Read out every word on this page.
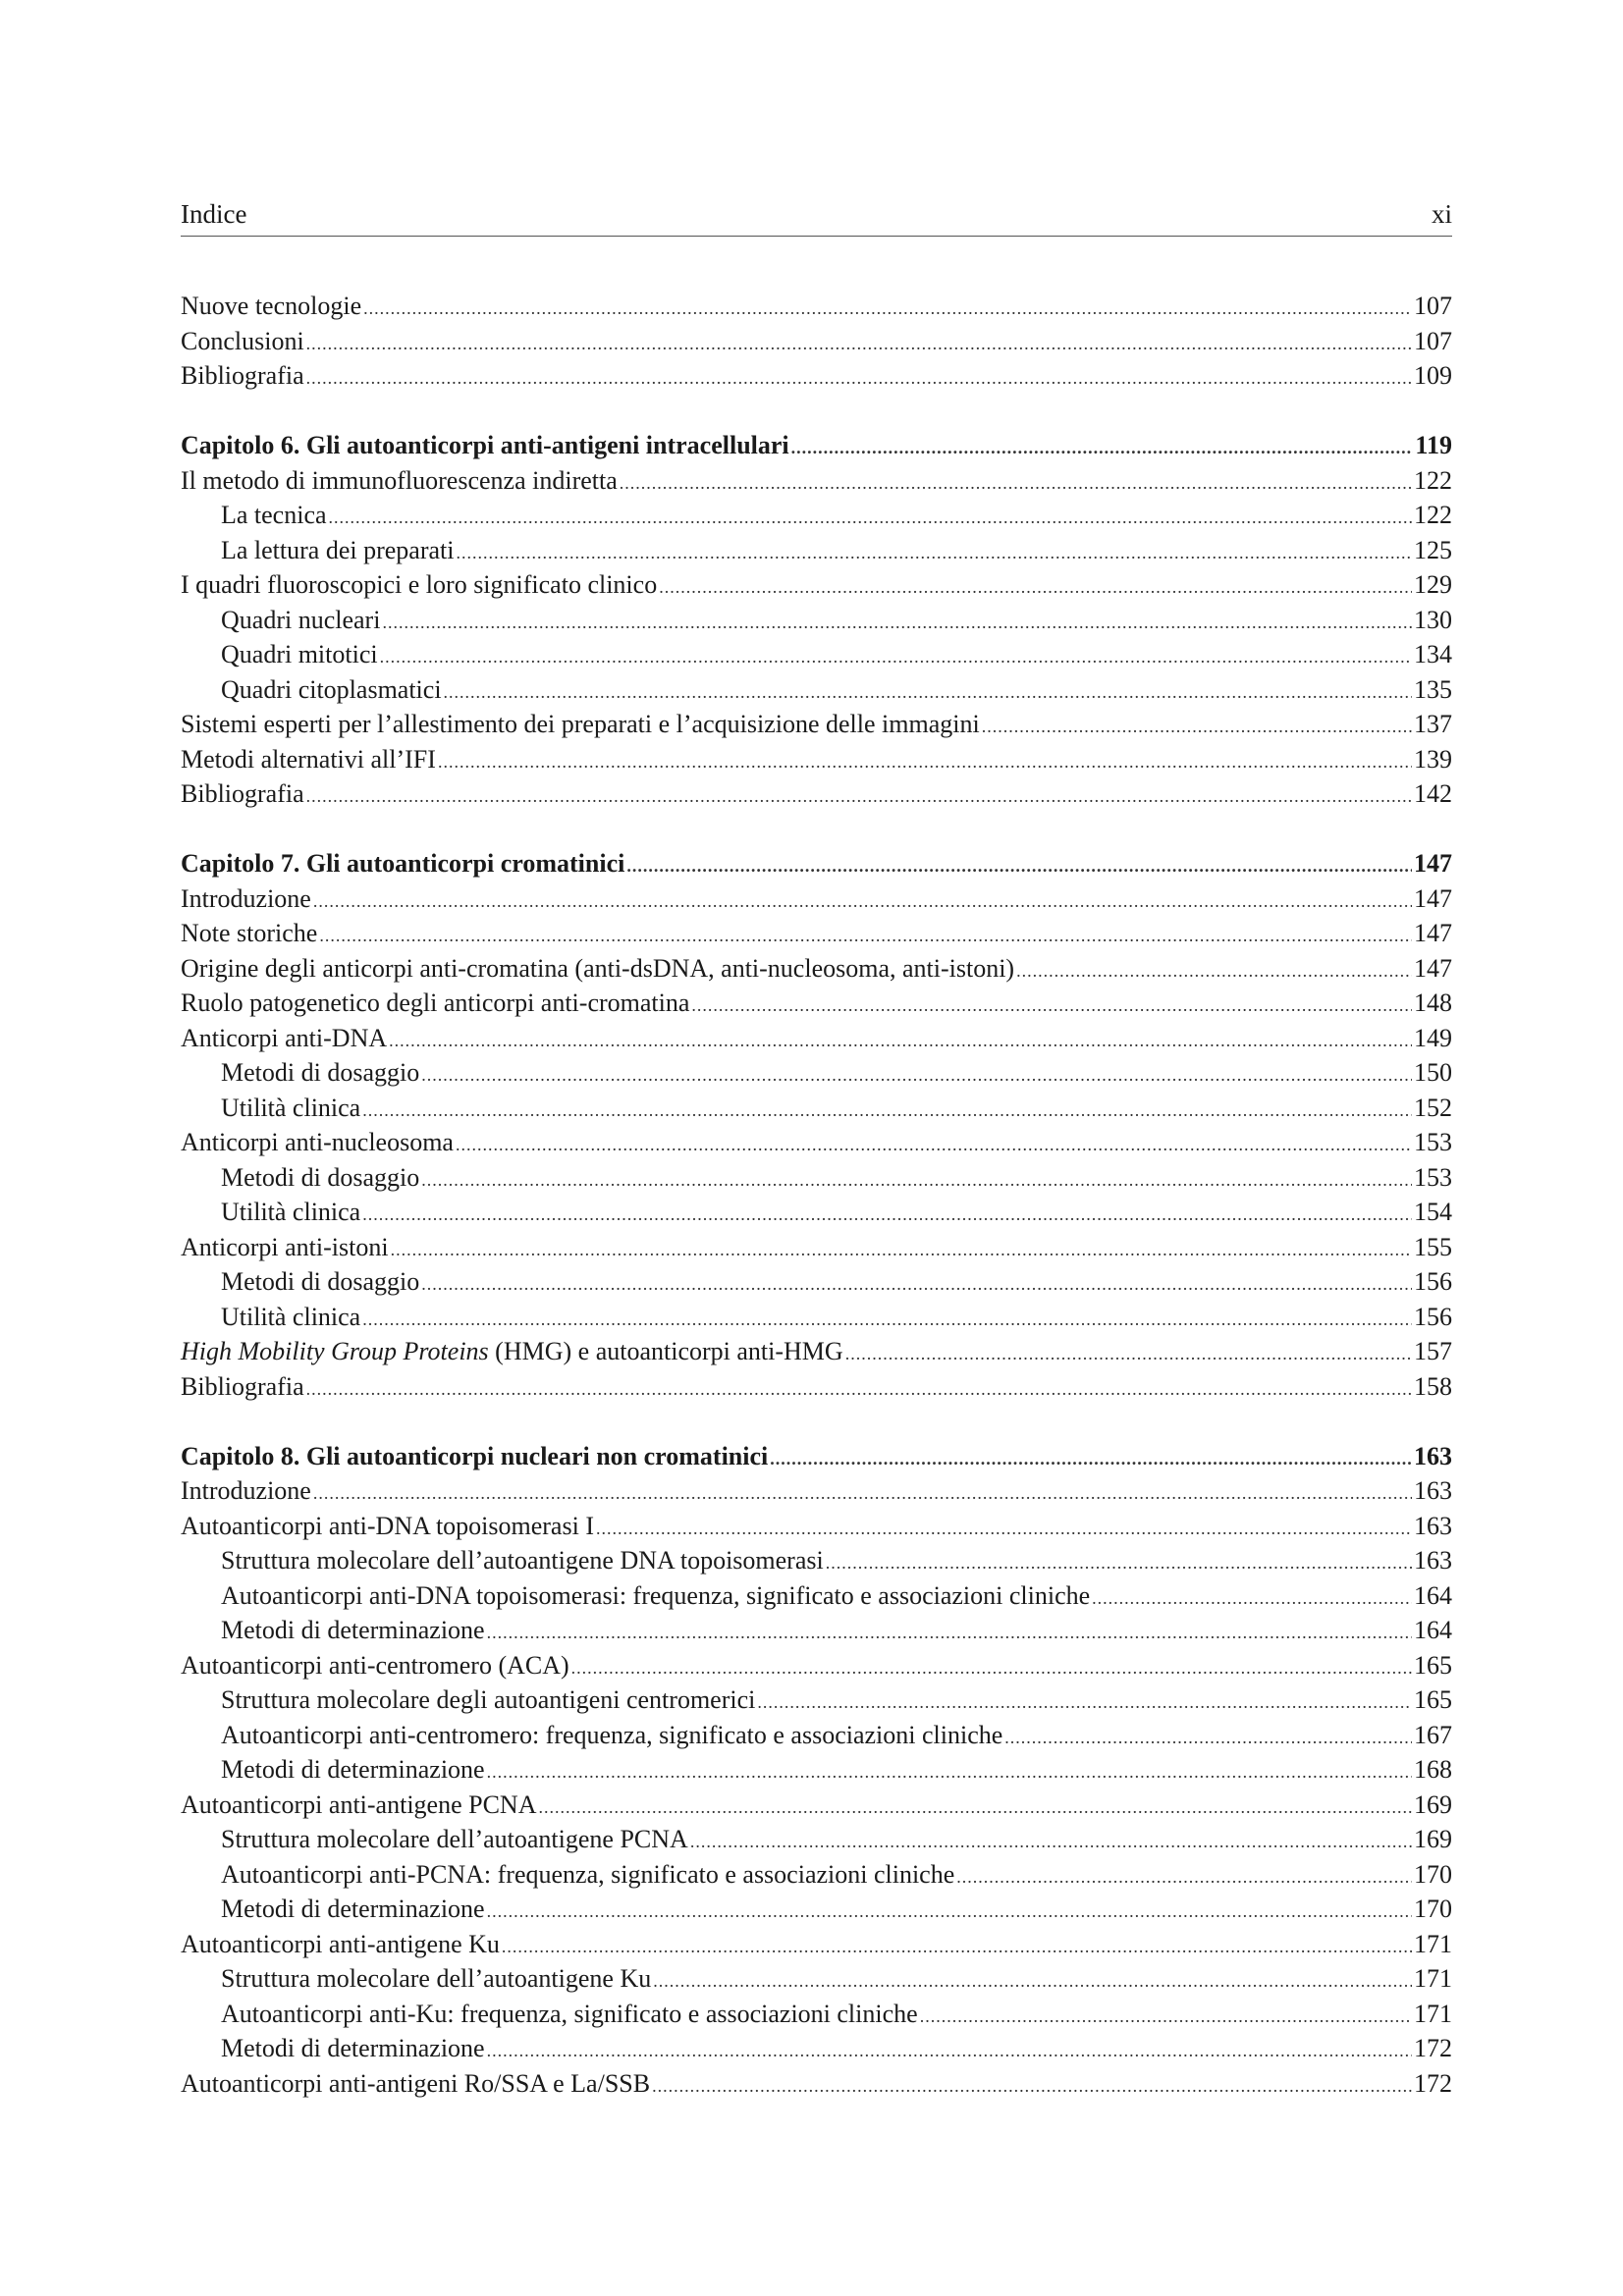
Indice	xi
Nuove tecnologie .....	107
Conclusioni .....	107
Bibliografia .....	109
Capitolo 6. Gli autoanticorpi anti-antigeni intracellulari .....	119
Il metodo di immunofluorescenza indiretta .....	122
La tecnica .....	122
La lettura dei preparati .....	125
I quadri fluoroscopici e loro significato clinico .....	129
Quadri nucleari .....	130
Quadri mitotici .....	134
Quadri citoplasmatici .....	135
Sistemi esperti per l’allestimento dei preparati e l’acquisizione delle immagini .....	137
Metodi alternativi all’IFI .....	139
Bibliografia .....	142
Capitolo 7. Gli autoanticorpi cromatinici .....	147
Introduzione .....	147
Note storiche .....	147
Origine degli anticorpi anti-cromatina (anti-dsDNA, anti-nucleosoma, anti-istoni) .....	147
Ruolo patogenetico degli anticorpi anti-cromatina .....	148
Anticorpi anti-DNA .....	149
Metodi di dosaggio .....	150
Utilità clinica .....	152
Anticorpi anti-nucleosoma .....	153
Metodi di dosaggio .....	153
Utilità clinica .....	154
Anticorpi anti-istoni .....	155
Metodi di dosaggio .....	156
Utilità clinica .....	156
High Mobility Group Proteins (HMG) e autoanticorpi anti-HMG .....	157
Bibliografia .....	158
Capitolo 8. Gli autoanticorpi nucleari non cromatinici .....	163
Introduzione .....	163
Autoanticorpi anti-DNA topoisomerasi I .....	163
Struttura molecolare dell’autoantigene DNA topoisomerasi .....	163
Autoanticorpi anti-DNA topoisomerasi: frequenza, significato e associazioni cliniche .....	164
Metodi di determinazione .....	164
Autoanticorpi anti-centromero (ACA) .....	165
Struttura molecolare degli autoantigeni centromerici .....	165
Autoanticorpi anti-centromero: frequenza, significato e associazioni cliniche .....	167
Metodi di determinazione .....	168
Autoanticorpi anti-antigene PCNA .....	169
Struttura molecolare dell’autoantigene PCNA .....	169
Autoanticorpi anti-PCNA: frequenza, significato e associazioni cliniche .....	170
Metodi di determinazione .....	170
Autoanticorpi anti-antigene Ku .....	171
Struttura molecolare dell’autoantigene Ku .....	171
Autoanticorpi anti-Ku: frequenza, significato e associazioni cliniche .....	171
Metodi di determinazione .....	172
Autoanticorpi anti-antigeni Ro/SSA e La/SSB .....	172
